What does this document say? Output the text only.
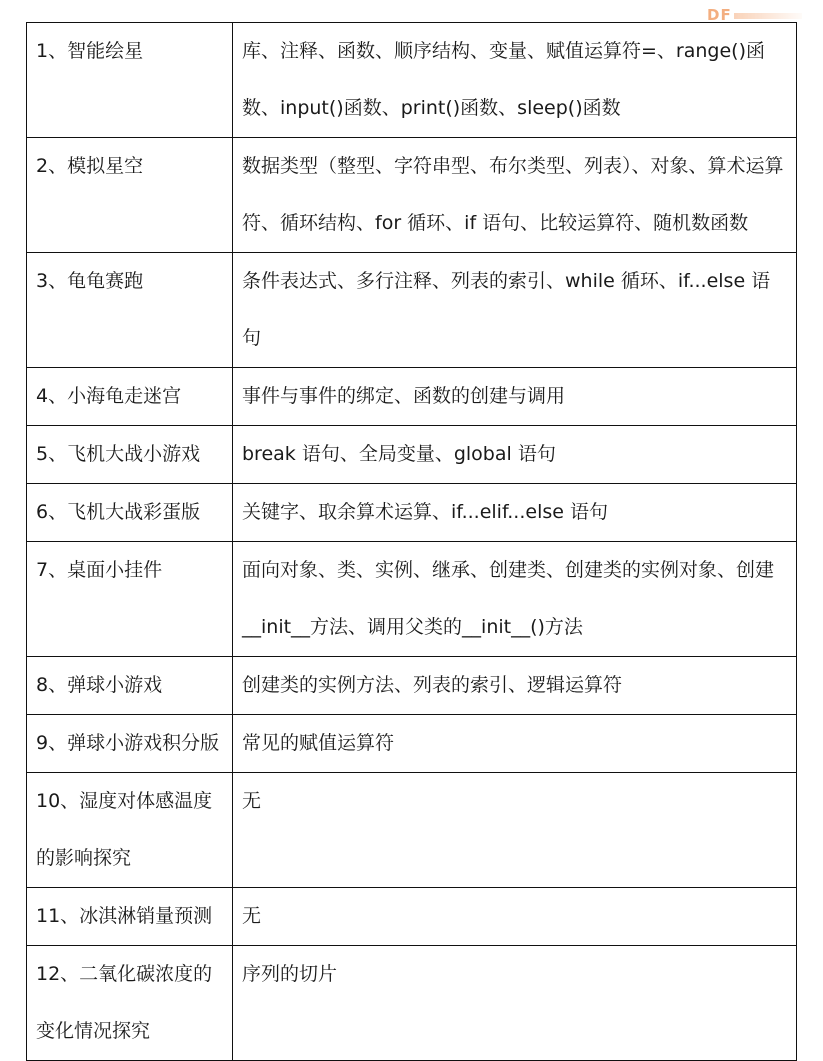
DF
1、智能绘星	库、注释、函数、顺序结构、变量、赋值运算符=、range()函数、input()函数、print()函数、sleep()函数

2、模拟星空	数据类型（整型、字符串型、布尔类型、列表）、对象、算术运算符、循环结构、for 循环、if 语句、比较运算符、随机数函数

3、龟龟赛跑	条件表达式、多行注释、列表的索引、while 循环、if...else 语句

4、小海龟走迷宫	事件与事件的绑定、函数的创建与调用

5、飞机大战小游戏	break 语句、全局变量、global 语句

6、飞机大战彩蛋版	关键字、取余算术运算、if...elif...else 语句

7、桌面小挂件	面向对象、类、实例、继承、创建类、创建类的实例对象、创建__init__方法、调用父类的__init__()方法

8、弹球小游戏	创建类的实例方法、列表的索引、逻辑运算符

9、弹球小游戏积分版	常见的赋值运算符

10、湿度对体感温度的影响探究	无

11、冰淇淋销量预测	无

12、二氧化碳浓度的变化情况探究	序列的切片
